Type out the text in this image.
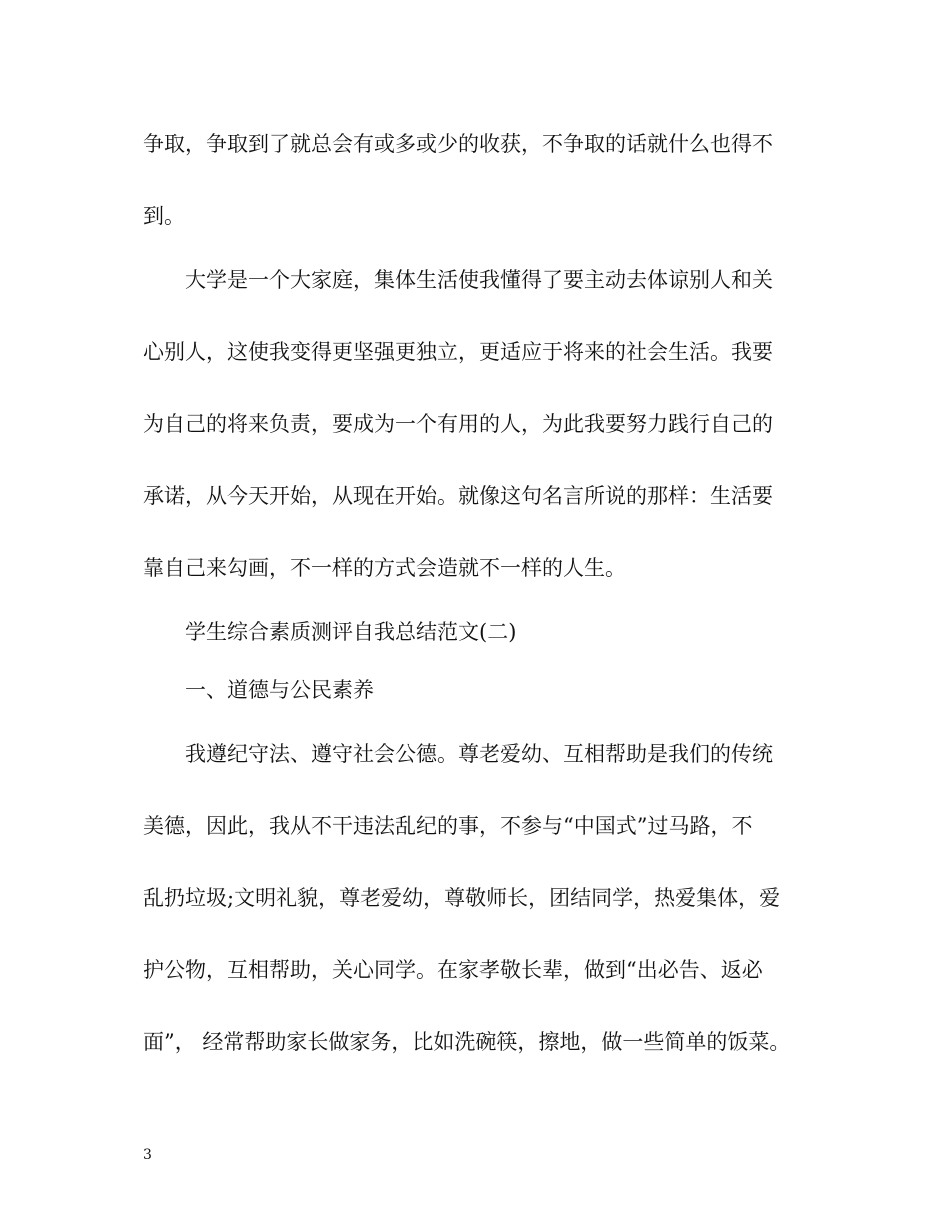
争取，争取到了就总会有或多或少的收获，不争取的话就什么也得不
到。
大学是一个大家庭，集体生活使我懂得了要主动去体谅别人和关
心别人，这使我变得更坚强更独立，更适应于将来的社会生活。我要
为自己的将来负责，要成为一个有用的人，为此我要努力践行自己的
承诺，从今天开始，从现在开始。就像这句名言所说的那样：生活要
靠自己来勾画，不一样的方式会造就不一样的人生。
学生综合素质测评自我总结范文(二)
一、道德与公民素养
我遵纪守法、遵守社会公德。尊老爱幼、互相帮助是我们的传统
美德，因此，我从不干违法乱纪的事，不参与“中国式”过马路，不
乱扔垃圾;文明礼貌，尊老爱幼，尊敬师长，团结同学，热爱集体，爱
护公物，互相帮助，关心同学。在家孝敬长辈，做到“出必告、返必
面”， 经常帮助家长做家务，比如洗碗筷，擦地，做一些简单的饭菜。
3
